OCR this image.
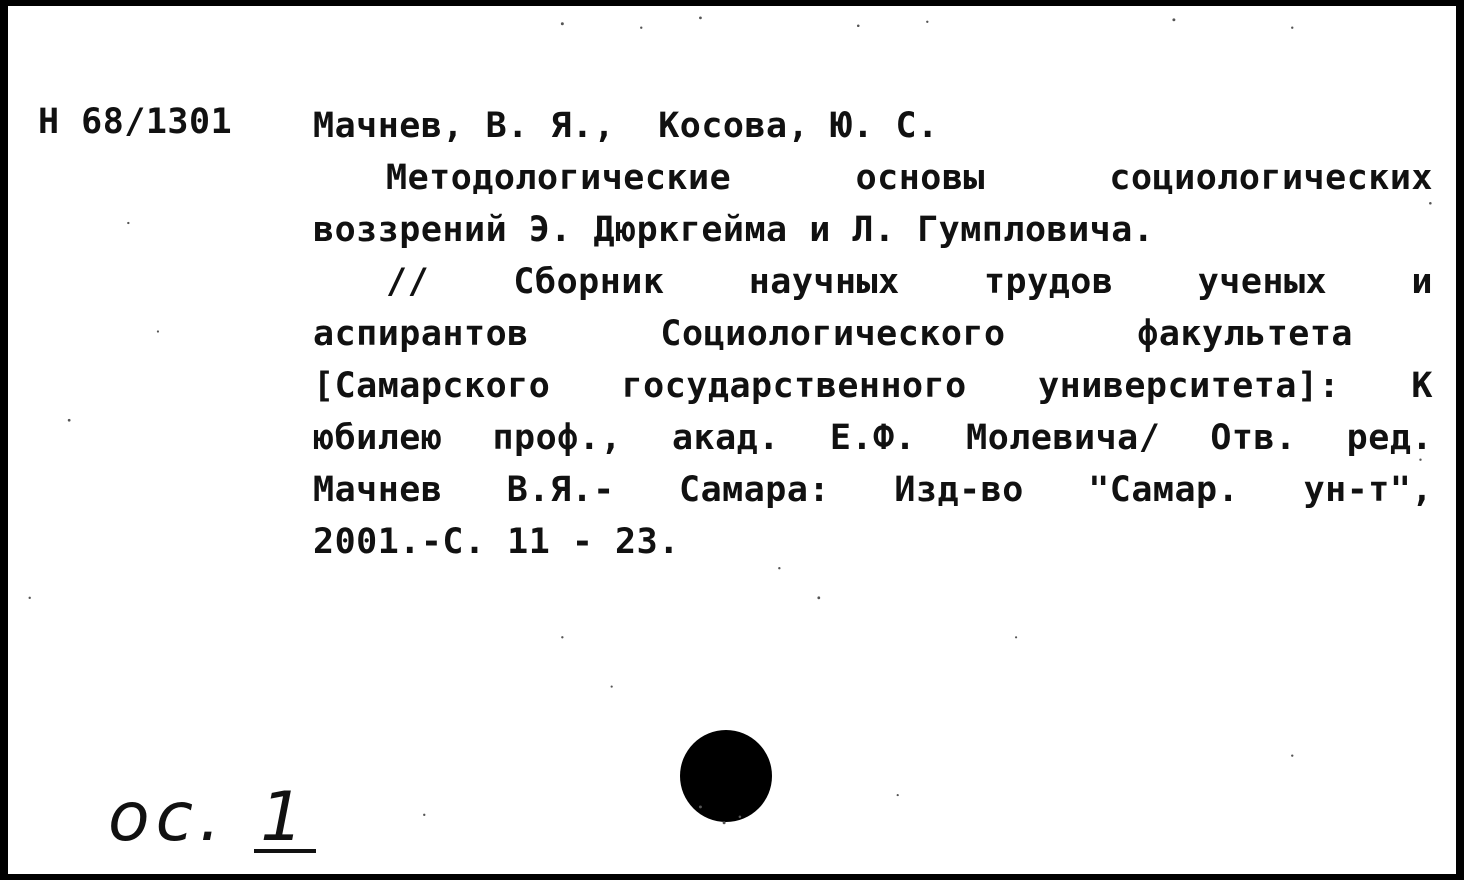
Н 68/1301 Мачнев,
В.
Я.,
Косова,
Ю.
С.
Методологические	основы	социологических
воззрений
Э.
Дюркгейма
и
Л.
Гумпловича.
// Сборник научных трудов ученых и
аспирантов	Социологического	факультета
[Самарского государственного университета]: К
юбилею проф., акад. Е.Ф. Молевича/ Отв. ред.
Мачнев В.Я.- Самара: Изд-во "Самар. ун-т",
2001.-С.
11
-
23.
ос. 1
